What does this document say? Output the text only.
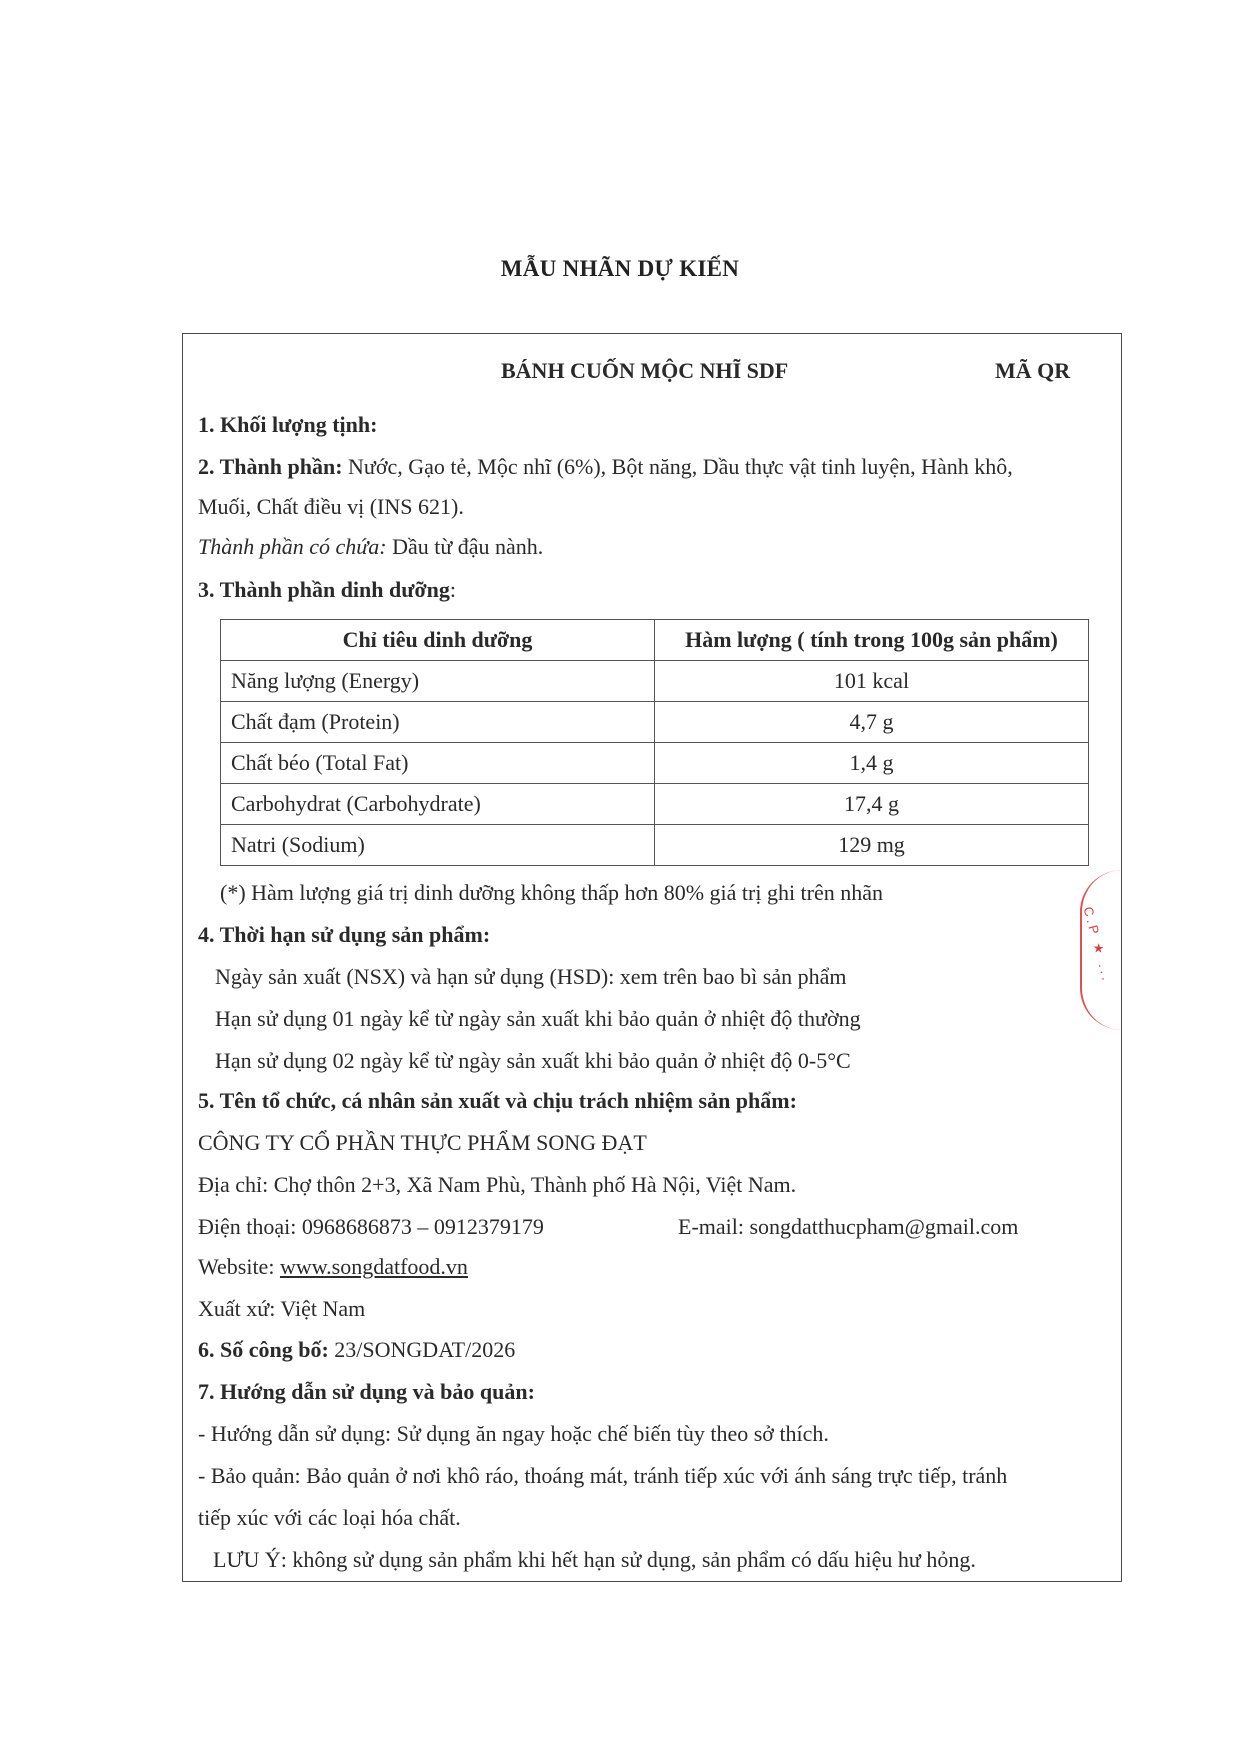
MẪU NHÃN DỰ KIẾN
BÁNH CUỐN MỘC NHĨ SDF	MÃ QR
1. Khối lượng tịnh:
2. Thành phần: Nước, Gạo tẻ, Mộc nhĩ (6%), Bột năng, Dầu thực vật tinh luyện, Hành khô,
Muối, Chất điều vị (INS 621).
Thành phần có chứa: Dầu từ đậu nành.
3. Thành phần dinh dưỡng:
Chỉ tiêu dinh dưỡng	Hàm lượng ( tính trong 100g sản phẩm)
Năng lượng (Energy)	101 kcal
Chất đạm (Protein)	4,7 g
Chất béo (Total Fat)	1,4 g
Carbohydrat (Carbohydrate)	17,4 g
Natri (Sodium)	129 mg
(*) Hàm lượng giá trị dinh dưỡng không thấp hơn 80% giá trị ghi trên nhãn
4. Thời hạn sử dụng sản phẩm:
Ngày sản xuất (NSX) và hạn sử dụng (HSD): xem trên bao bì sản phẩm
Hạn sử dụng 01 ngày kể từ ngày sản xuất khi bảo quản ở nhiệt độ thường
Hạn sử dụng 02 ngày kể từ ngày sản xuất khi bảo quản ở nhiệt độ 0-5°C
5. Tên tổ chức, cá nhân sản xuất và chịu trách nhiệm sản phẩm:
CÔNG TY CỔ PHẦN THỰC PHẨM SONG ĐẠT
Địa chỉ: Chợ thôn 2+3, Xã Nam Phù, Thành phố Hà Nội, Việt Nam.
Điện thoại: 0968686873 – 0912379179	E-mail: songdatthucpham@gmail.com
Website: www.songdatfood.vn
Xuất xứ: Việt Nam
6. Số công bố: 23/SONGDAT/2026
7. Hướng dẫn sử dụng và bảo quản:
- Hướng dẫn sử dụng: Sử dụng ăn ngay hoặc chế biến tùy theo sở thích.
- Bảo quản: Bảo quản ở nơi khô ráo, thoáng mát, tránh tiếp xúc với ánh sáng trực tiếp, tránh
tiếp xúc với các loại hóa chất.
LƯU Ý: không sử dụng sản phẩm khi hết hạn sử dụng, sản phẩm có dấu hiệu hư hỏng.
C.P ★ ...
